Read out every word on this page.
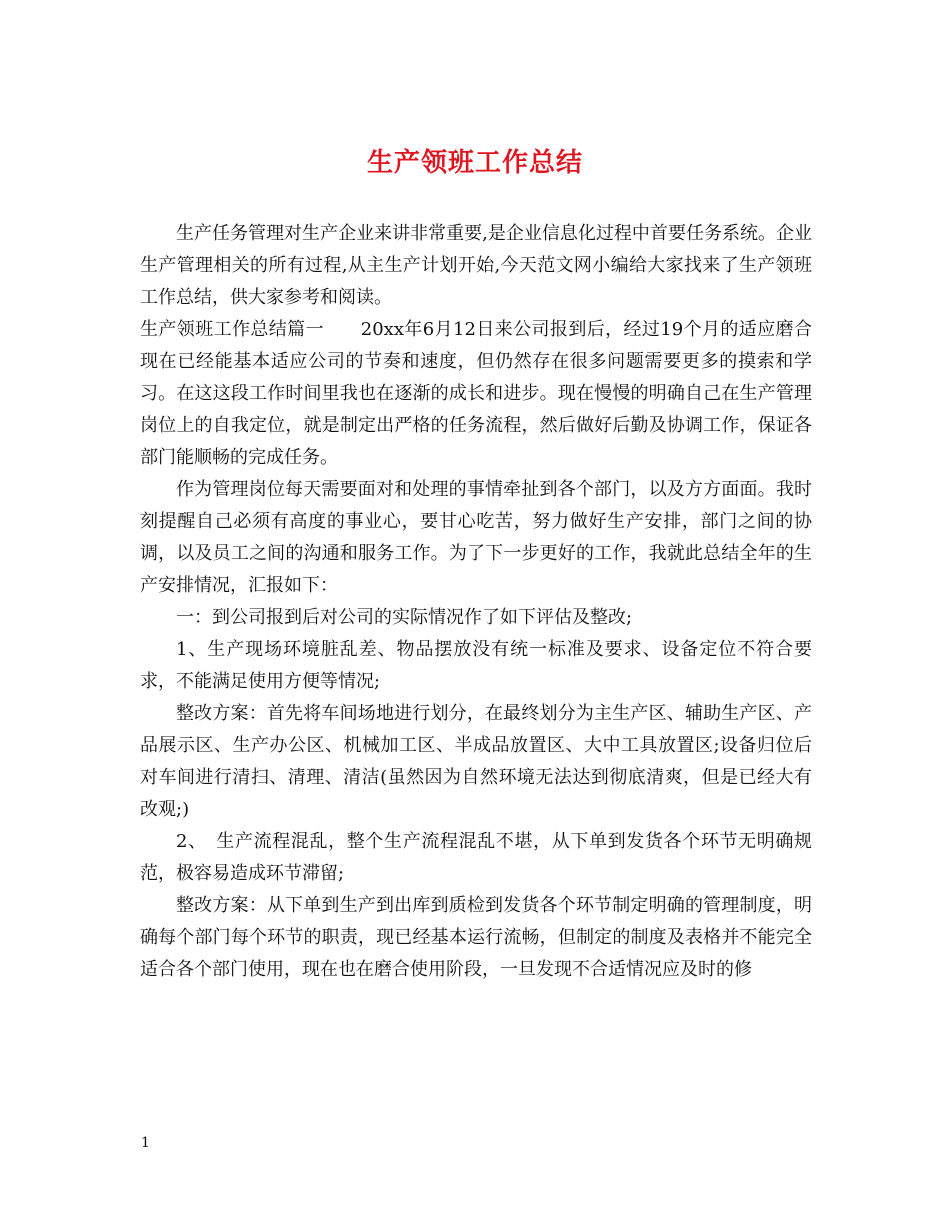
生产领班工作总结

生产任务管理对生产企业来讲非常重要,是企业信息化过程中首要任务系统。企业生产管理相关的所有过程,从主生产计划开始,今天范文网小编给大家找来了生产领班工作总结，供大家参考和阅读。

生产领班工作总结篇一　　20xx年6月12日来公司报到后，经过19个月的适应磨合现在已经能基本适应公司的节奏和速度，但仍然存在很多问题需要更多的摸索和学习。在这这段工作时间里我也在逐渐的成长和进步。现在慢慢的明确自己在生产管理岗位上的自我定位，就是制定出严格的任务流程，然后做好后勤及协调工作，保证各部门能顺畅的完成任务。

作为管理岗位每天需要面对和处理的事情牵扯到各个部门，以及方方面面。我时刻提醒自己必须有高度的事业心，要甘心吃苦，努力做好生产安排，部门之间的协调，以及员工之间的沟通和服务工作。为了下一步更好的工作，我就此总结全年的生产安排情况，汇报如下：

一：到公司报到后对公司的实际情况作了如下评估及整改;

1、生产现场环境脏乱差、物品摆放没有统一标准及要求、设备定位不符合要求，不能满足使用方便等情况;

整改方案：首先将车间场地进行划分，在最终划分为主生产区、辅助生产区、产品展示区、生产办公区、机械加工区、半成品放置区、大中工具放置区;设备归位后对车间进行清扫、清理、清洁(虽然因为自然环境无法达到彻底清爽，但是已经大有改观;)

2、　生产流程混乱，整个生产流程混乱不堪，从下单到发货各个环节无明确规范，极容易造成环节滞留;

整改方案：从下单到生产到出库到质检到发货各个环节制定明确的管理制度，明确每个部门每个环节的职责，现已经基本运行流畅，但制定的制度及表格并不能完全适合各个部门使用，现在也在磨合使用阶段，一旦发现不合适情况应及时的修

1
